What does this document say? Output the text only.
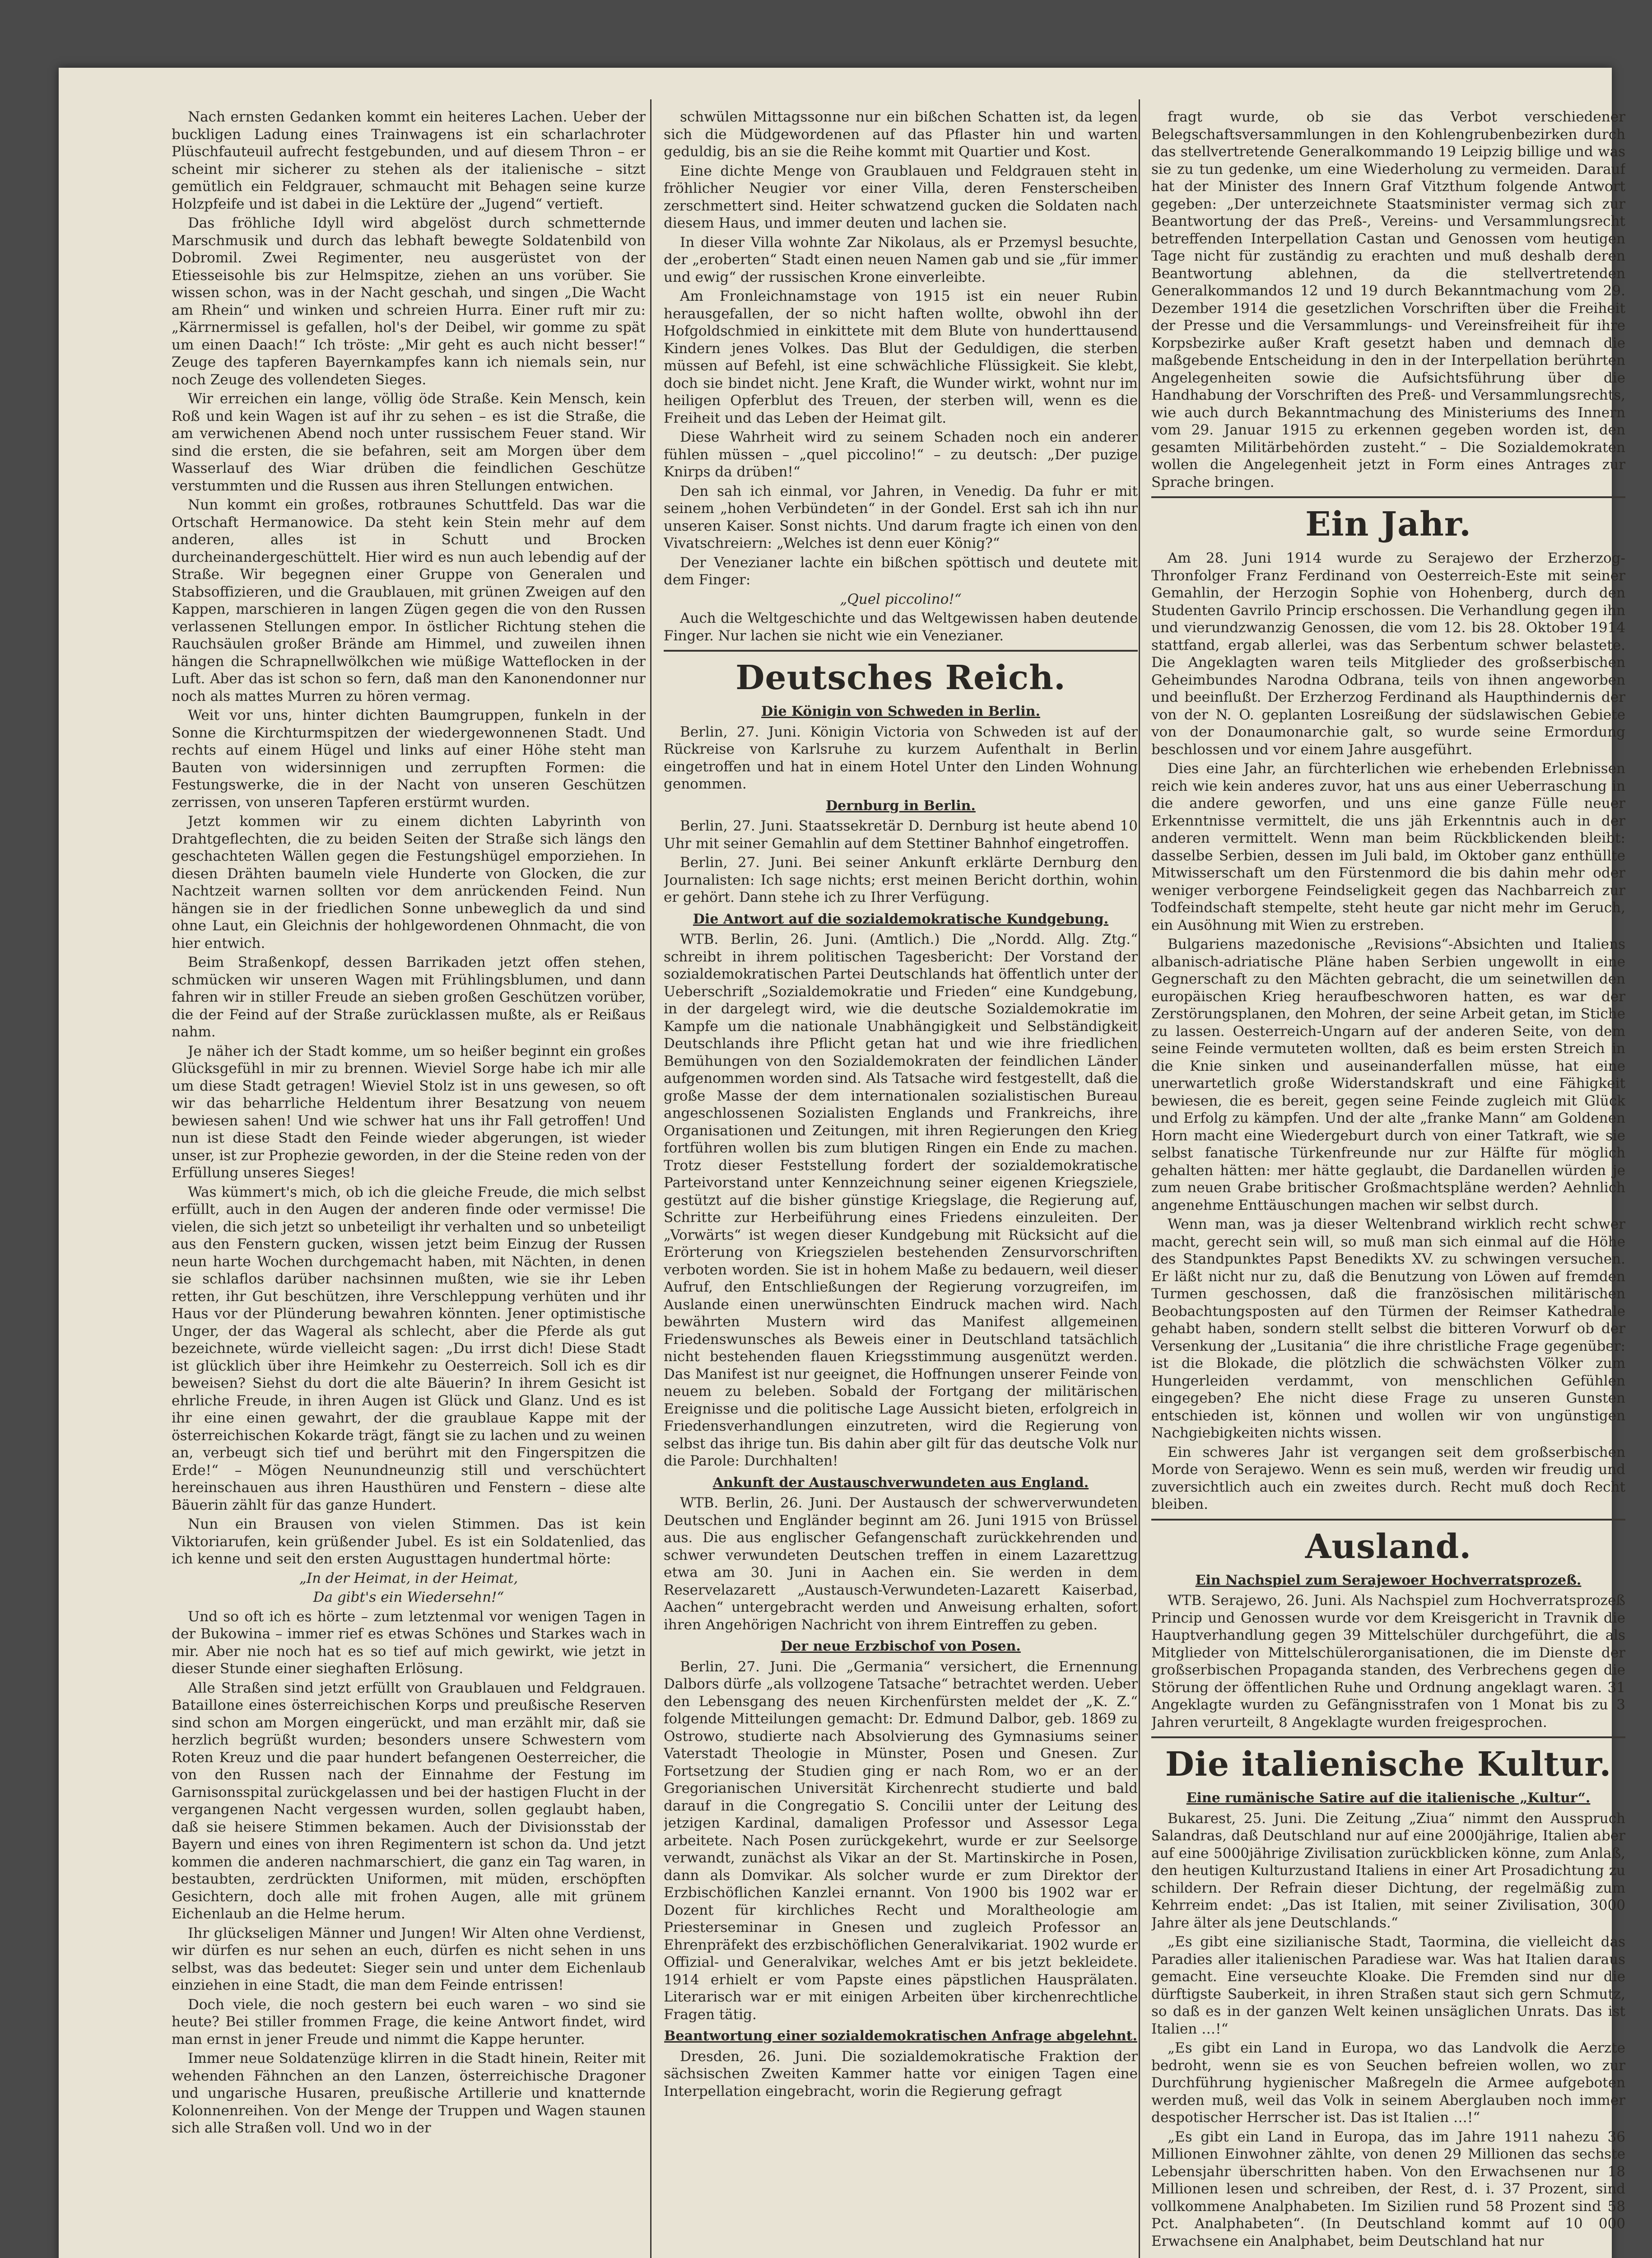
Nach ernsten Gedanken kommt ein heiteres Lachen. Ueber der buckligen Ladung eines Trainwagens ist ein scharlachroter Plüschfauteuil aufrecht festgebunden, und auf diesem Thron – er scheint mir sicherer zu stehen als der italienische – sitzt gemütlich ein Feldgrauer, schmaucht mit Behagen seine kurze Holzpfeife und ist dabei in die Lektüre der „Jugend“ vertieft.

Das fröhliche Idyll wird abgelöst durch schmetternde Marschmusik und durch das lebhaft bewegte Soldatenbild von Dobromil. Zwei Regimenter, neu ausgerüstet von der Etiesseisohle bis zur Helmspitze, ziehen an uns vorüber. Sie wissen schon, was in der Nacht geschah, und singen „Die Wacht am Rhein“ und winken und schreien Hurra. Einer ruft mir zu: „Kärrnermissel is gefallen, hol's der Deibel, wir gomme zu spät um einen Daach!“ Ich tröste: „Mir geht es auch nicht besser!“ Zeuge des tapferen Bayernkampfes kann ich niemals sein, nur noch Zeuge des vollendeten Sieges.

Wir erreichen ein lange, völlig öde Straße. Kein Mensch, kein Roß und kein Wagen ist auf ihr zu sehen – es ist die Straße, die am verwichenen Abend noch unter russischem Feuer stand. Wir sind die ersten, die sie befahren, seit am Morgen über dem Wasserlauf des Wiar drüben die feindlichen Geschütze verstummten und die Russen aus ihren Stellungen entwichen.

Nun kommt ein großes, rotbraunes Schuttfeld. Das war die Ortschaft Hermanowice. Da steht kein Stein mehr auf dem anderen, alles ist in Schutt und Brocken durcheinandergeschüttelt. Hier wird es nun auch lebendig auf der Straße. Wir begegnen einer Gruppe von Generalen und Stabsoffizieren, und die Graublauen, mit grünen Zweigen auf den Kappen, marschieren in langen Zügen gegen die von den Russen verlassenen Stellungen empor. In östlicher Richtung stehen die Rauchsäulen großer Brände am Himmel, und zuweilen ihnen hängen die Schrapnellwölkchen wie müßige Watteflocken in der Luft. Aber das ist schon so fern, daß man den Kanonendonner nur noch als mattes Murren zu hören vermag.

Weit vor uns, hinter dichten Baumgruppen, funkeln in der Sonne die Kirchturmspitzen der wiedergewonnenen Stadt. Und rechts auf einem Hügel und links auf einer Höhe steht man Bauten von widersinnigen und zerrupften Formen: die Festungswerke, die in der Nacht von unseren Geschützen zerrissen, von unseren Tapferen erstürmt wurden.

Jetzt kommen wir zu einem dichten Labyrinth von Drahtgeflechten, die zu beiden Seiten der Straße sich längs den geschachteten Wällen gegen die Festungshügel emporziehen. In diesen Drähten baumeln viele Hunderte von Glocken, die zur Nachtzeit warnen sollten vor dem anrückenden Feind. Nun hängen sie in der friedlichen Sonne unbeweglich da und sind ohne Laut, ein Gleichnis der hohlgewordenen Ohnmacht, die von hier entwich.

Beim Straßenkopf, dessen Barrikaden jetzt offen stehen, schmücken wir unseren Wagen mit Frühlingsblumen, und dann fahren wir in stiller Freude an sieben großen Geschützen vorüber, die der Feind auf der Straße zurücklassen mußte, als er Reißaus nahm.

Je näher ich der Stadt komme, um so heißer beginnt ein großes Glücksgefühl in mir zu brennen. Wieviel Sorge habe ich mir alle um diese Stadt getragen! Wieviel Stolz ist in uns gewesen, so oft wir das beharrliche Heldentum ihrer Besatzung von neuem bewiesen sahen! Und wie schwer hat uns ihr Fall getroffen! Und nun ist diese Stadt den Feinde wieder abgerungen, ist wieder unser, ist zur Prophezie geworden, in der die Steine reden von der Erfüllung unseres Sieges!

Was kümmert's mich, ob ich die gleiche Freude, die mich selbst erfüllt, auch in den Augen der anderen finde oder vermisse! Die vielen, die sich jetzt so unbeteiligt ihr verhalten und so unbeteiligt aus den Fenstern gucken, wissen jetzt beim Einzug der Russen neun harte Wochen durchgemacht haben, mit Nächten, in denen sie schlaflos darüber nachsinnen mußten, wie sie ihr Leben retten, ihr Gut beschützen, ihre Verschleppung verhüten und ihr Haus vor der Plünderung bewahren könnten. Jener optimistische Unger, der das Wageral als schlecht, aber die Pferde als gut bezeichnete, würde vielleicht sagen: „Du irrst dich! Diese Stadt ist glücklich über ihre Heimkehr zu Oesterreich. Soll ich es dir beweisen? Siehst du dort die alte Bäuerin? In ihrem Gesicht ist ehrliche Freude, in ihren Augen ist Glück und Glanz. Und es ist ihr eine einen gewahrt, der die graublaue Kappe mit der österreichischen Kokarde trägt, fängt sie zu lachen und zu weinen an, verbeugt sich tief und berührt mit den Fingerspitzen die Erde!“ – Mögen Neunundneunzig still und verschüchtert hereinschauen aus ihren Hausthüren und Fenstern – diese alte Bäuerin zählt für das ganze Hundert.

Nun ein Brausen von vielen Stimmen. Das ist kein Viktoriarufen, kein grüßender Jubel. Es ist ein Soldatenlied, das ich kenne und seit den ersten Augusttagen hundertmal hörte:

„In der Heimat, in der Heimat,

Da gibt's ein Wiedersehn!“

Und so oft ich es hörte – zum letztenmal vor wenigen Tagen in der Bukowina – immer rief es etwas Schönes und Starkes wach in mir. Aber nie noch hat es so tief auf mich gewirkt, wie jetzt in dieser Stunde einer sieghaften Erlösung.

Alle Straßen sind jetzt erfüllt von Graublauen und Feldgrauen. Bataillone eines österreichischen Korps und preußische Reserven sind schon am Morgen eingerückt, und man erzählt mir, daß sie herzlich begrüßt wurden; besonders unsere Schwestern vom Roten Kreuz und die paar hundert befangenen Oesterreicher, die von den Russen nach der Einnahme der Festung im Garnisonsspital zurückgelassen und bei der hastigen Flucht in der vergangenen Nacht vergessen wurden, sollen geglaubt haben, daß sie heisere Stimmen bekamen. Auch der Divisionsstab der Bayern und eines von ihren Regimentern ist schon da. Und jetzt kommen die anderen nachmarschiert, die ganz ein Tag waren, in bestaubten, zerdrückten Uniformen, mit müden, erschöpften Gesichtern, doch alle mit frohen Augen, alle mit grünem Eichenlaub an die Helme herum.

Ihr glückseligen Männer und Jungen! Wir Alten ohne Verdienst, wir dürfen es nur sehen an euch, dürfen es nicht sehen in uns selbst, was das bedeutet: Sieger sein und unter dem Eichenlaub einziehen in eine Stadt, die man dem Feinde entrissen!

Doch viele, die noch gestern bei euch waren – wo sind sie heute? Bei stiller frommen Frage, die keine Antwort findet, wird man ernst in jener Freude und nimmt die Kappe herunter.

Immer neue Soldatenzüge klirren in die Stadt hinein, Reiter mit wehenden Fähnchen an den Lanzen, österreichische Dragoner und ungarische Husaren, preußische Artillerie und knatternde Kolonnenreihen. Von der Menge der Truppen und Wagen staunen sich alle Straßen voll. Und wo in der

schwülen Mittagssonne nur ein bißchen Schatten ist, da legen sich die Müdgewordenen auf das Pflaster hin und warten geduldig, bis an sie die Reihe kommt mit Quartier und Kost.

Eine dichte Menge von Graublauen und Feldgrauen steht in fröhlicher Neugier vor einer Villa, deren Fensterscheiben zerschmettert sind. Heiter schwatzend gucken die Soldaten nach diesem Haus, und immer deuten und lachen sie.

In dieser Villa wohnte Zar Nikolaus, als er Przemysl besuchte, der „eroberten“ Stadt einen neuen Namen gab und sie „für immer und ewig“ der russischen Krone einverleibte.

Am Fronleichnamstage von 1915 ist ein neuer Rubin herausgefallen, der so nicht haften wollte, obwohl ihn der Hofgoldschmied in einkittete mit dem Blute von hunderttausend Kindern jenes Volkes. Das Blut der Geduldigen, die sterben müssen auf Befehl, ist eine schwächliche Flüssigkeit. Sie klebt, doch sie bindet nicht. Jene Kraft, die Wunder wirkt, wohnt nur im heiligen Opferblut des Treuen, der sterben will, wenn es die Freiheit und das Leben der Heimat gilt.

Diese Wahrheit wird zu seinem Schaden noch ein anderer fühlen müssen – „quel piccolino!“ – zu deutsch: „Der puzige Knirps da drüben!“

Den sah ich einmal, vor Jahren, in Venedig. Da fuhr er mit seinem „hohen Verbündeten“ in der Gondel. Erst sah ich ihn nur unseren Kaiser. Sonst nichts. Und darum fragte ich einen von den Vivatschreiern: „Welches ist denn euer König?“

Der Venezianer lachte ein bißchen spöttisch und deutete mit dem Finger:

„Quel piccolino!“

Auch die Weltgeschichte und das Weltgewissen haben deutende Finger. Nur lachen sie nicht wie ein Venezianer.

Deutsches Reich.
Die Königin von Schweden in Berlin.

Berlin, 27. Juni. Königin Victoria von Schweden ist auf der Rückreise von Karlsruhe zu kurzem Aufenthalt in Berlin eingetroffen und hat in einem Hotel Unter den Linden Wohnung genommen.

Dernburg in Berlin.

Berlin, 27. Juni. Staatssekretär D. Dernburg ist heute abend 10 Uhr mit seiner Gemahlin auf dem Stettiner Bahnhof eingetroffen.

Berlin, 27. Juni. Bei seiner Ankunft erklärte Dernburg den Journalisten: Ich sage nichts; erst meinen Bericht dorthin, wohin er gehört. Dann stehe ich zu Ihrer Verfügung.

Die Antwort auf die sozialdemokratische Kundgebung.

WTB. Berlin, 26. Juni. (Amtlich.) Die „Nordd. Allg. Ztg.“ schreibt in ihrem politischen Tagesbericht: Der Vorstand der sozialdemokratischen Partei Deutschlands hat öffentlich unter der Ueberschrift „Sozialdemokratie und Frieden“ eine Kundgebung, in der dargelegt wird, wie die deutsche Sozialdemokratie im Kampfe um die nationale Unabhängigkeit und Selbständigkeit Deutschlands ihre Pflicht getan hat und wie ihre friedlichen Bemühungen von den Sozialdemokraten der feindlichen Länder aufgenommen worden sind. Als Tatsache wird festgestellt, daß die große Masse der dem internationalen sozialistischen Bureau angeschlossenen Sozialisten Englands und Frankreichs, ihre Organisationen und Zeitungen, mit ihren Regierungen den Krieg fortführen wollen bis zum blutigen Ringen ein Ende zu machen. Trotz dieser Feststellung fordert der sozialdemokratische Parteivorstand unter Kennzeichnung seiner eigenen Kriegsziele, gestützt auf die bisher günstige Kriegslage, die Regierung auf, Schritte zur Herbeiführung eines Friedens einzuleiten. Der „Vorwärts“ ist wegen dieser Kundgebung mit Rücksicht auf die Erörterung von Kriegszielen bestehenden Zensurvorschriften verboten worden. Sie ist in hohem Maße zu bedauern, weil dieser Aufruf, den Entschließungen der Regierung vorzugreifen, im Auslande einen unerwünschten Eindruck machen wird. Nach bewährten Mustern wird das Manifest allgemeinen Friedenswunsches als Beweis einer in Deutschland tatsächlich nicht bestehenden flauen Kriegsstimmung ausgenützt werden. Das Manifest ist nur geeignet, die Hoffnungen unserer Feinde von neuem zu beleben. Sobald der Fortgang der militärischen Ereignisse und die politische Lage Aussicht bieten, erfolgreich in Friedensverhandlungen einzutreten, wird die Regierung von selbst das ihrige tun. Bis dahin aber gilt für das deutsche Volk nur die Parole: Durchhalten!

Ankunft der Austauschverwundeten aus England.

WTB. Berlin, 26. Juni. Der Austausch der schwerverwundeten Deutschen und Engländer beginnt am 26. Juni 1915 von Brüssel aus. Die aus englischer Gefangenschaft zurückkehrenden und schwer verwundeten Deutschen treffen in einem Lazarettzug etwa am 30. Juni in Aachen ein. Sie werden in dem Reservelazarett „Austausch-Verwundeten-Lazarett Kaiserbad, Aachen“ untergebracht werden und Anweisung erhalten, sofort ihren Angehörigen Nachricht von ihrem Eintreffen zu geben.

Der neue Erzbischof von Posen.

Berlin, 27. Juni. Die „Germania“ versichert, die Ernennung Dalbors dürfe „als vollzogene Tatsache“ betrachtet werden. Ueber den Lebensgang des neuen Kirchenfürsten meldet der „K. Z.“ folgende Mitteilungen gemacht: Dr. Edmund Dalbor, geb. 1869 zu Ostrowo, studierte nach Absolvierung des Gymnasiums seiner Vaterstadt Theologie in Münster, Posen und Gnesen. Zur Fortsetzung der Studien ging er nach Rom, wo er an der Gregorianischen Universität Kirchenrecht studierte und bald darauf in die Congregatio S. Concilii unter der Leitung des jetzigen Kardinal, damaligen Professor und Assessor Lega arbeitete. Nach Posen zurückgekehrt, wurde er zur Seelsorge verwandt, zunächst als Vikar an der St. Martinskirche in Posen, dann als Domvikar. Als solcher wurde er zum Direktor der Erzbischöflichen Kanzlei ernannt. Von 1900 bis 1902 war er Dozent für kirchliches Recht und Moraltheologie am Priesterseminar in Gnesen und zugleich Professor an Ehrenpräfekt des erzbischöflichen Generalvikariat. 1902 wurde er Offizial- und Generalvikar, welches Amt er bis jetzt bekleidete. 1914 erhielt er vom Papste eines päpstlichen Hausprälaten. Literarisch war er mit einigen Arbeiten über kirchenrechtliche Fragen tätig.

Beantwortung einer sozialdemokratischen Anfrage abgelehnt.

Dresden, 26. Juni. Die sozialdemokratische Fraktion der sächsischen Zweiten Kammer hatte vor einigen Tagen eine Interpellation eingebracht, worin die Regierung gefragt

fragt wurde, ob sie das Verbot verschiedener Belegschaftsversammlungen in den Kohlengrubenbezirken durch das stellvertretende Generalkommando 19 Leipzig billige und was sie zu tun gedenke, um eine Wiederholung zu vermeiden. Darauf hat der Minister des Innern Graf Vitzthum folgende Antwort gegeben: „Der unterzeichnete Staatsminister vermag sich zur Beantwortung der das Preß-, Vereins- und Versammlungsrecht betreffenden Interpellation Castan und Genossen vom heutigen Tage nicht für zuständig zu erachten und muß deshalb deren Beantwortung ablehnen, da die stellvertretenden Generalkommandos 12 und 19 durch Bekanntmachung vom 29. Dezember 1914 die gesetzlichen Vorschriften über die Freiheit der Presse und die Versammlungs- und Vereinsfreiheit für ihre Korpsbezirke außer Kraft gesetzt haben und demnach die maßgebende Entscheidung in den in der Interpellation berührten Angelegenheiten sowie die Aufsichtsführung über die Handhabung der Vorschriften des Preß- und Versammlungsrechts, wie auch durch Bekanntmachung des Ministeriums des Innern vom 29. Januar 1915 zu erkennen gegeben worden ist, den gesamten Militärbehörden zusteht.“ – Die Sozialdemokraten wollen die Angelegenheit jetzt in Form eines Antrages zur Sprache bringen.

Ein Jahr.

Am 28. Juni 1914 wurde zu Serajewo der Erzherzog-Thronfolger Franz Ferdinand von Oesterreich-Este mit seiner Gemahlin, der Herzogin Sophie von Hohenberg, durch den Studenten Gavrilo Princip erschossen. Die Verhandlung gegen ihn und vierundzwanzig Genossen, die vom 12. bis 28. Oktober 1914 stattfand, ergab allerlei, was das Serbentum schwer belastete. Die Angeklagten waren teils Mitglieder des großserbischen Geheimbundes Narodna Odbrana, teils von ihnen angeworben und beeinflußt. Der Erzherzog Ferdinand als Haupthindernis der von der N. O. geplanten Losreißung der südslawischen Gebiete von der Donaumonarchie galt, so wurde seine Ermordung beschlossen und vor einem Jahre ausgeführt.

Dies eine Jahr, an fürchterlichen wie erhebenden Erlebnissen reich wie kein anderes zuvor, hat uns aus einer Ueberraschung in die andere geworfen, und uns eine ganze Fülle neuer Erkenntnisse vermittelt, die uns jäh Erkenntnis auch in der anderen vermittelt. Wenn man beim Rückblickenden bleibt: dasselbe Serbien, dessen im Juli bald, im Oktober ganz enthüllte Mitwisserschaft um den Fürstenmord die bis dahin mehr oder weniger verborgene Feindseligkeit gegen das Nachbarreich zur Todfeindschaft stempelte, steht heute gar nicht mehr im Geruch, ein Ausöhnung mit Wien zu erstreben.

Bulgariens mazedonische „Revisions“-Absichten und Italiens albanisch-adriatische Pläne haben Serbien ungewollt in eine Gegnerschaft zu den Mächten gebracht, die um seinetwillen den europäischen Krieg heraufbeschworen hatten, es war der Zerstörungsplanen, den Mohren, der seine Arbeit getan, im Stiche zu lassen. Oesterreich-Ungarn auf der anderen Seite, von dem seine Feinde vermuteten wollten, daß es beim ersten Streich in die Knie sinken und auseinanderfallen müsse, hat eine unerwartetlich große Widerstandskraft und eine Fähigkeit bewiesen, die es bereit, gegen seine Feinde zugleich mit Glück und Erfolg zu kämpfen. Und der alte „franke Mann“ am Goldenen Horn macht eine Wiedergeburt durch von einer Tatkraft, wie sie selbst fanatische Türkenfreunde nur zur Hälfte für möglich gehalten hätten: mer hätte geglaubt, die Dardanellen würden je zum neuen Grabe britischer Großmachtspläne werden? Aehnlich angenehme Enttäuschungen machen wir selbst durch.

Wenn man, was ja dieser Weltenbrand wirklich recht schwer macht, gerecht sein will, so muß man sich einmal auf die Höhe des Standpunktes Papst Benedikts XV. zu schwingen versuchen. Er läßt nicht nur zu, daß die Benutzung von Löwen auf fremden Turmen geschossen, daß die französischen militärischen Beobachtungsposten auf den Türmen der Reimser Kathedrale gehabt haben, sondern stellt selbst die bitteren Vorwurf ob der Versenkung der „Lusitania“ die ihre christliche Frage gegenüber: ist die Blokade, die plötzlich die schwächsten Völker zum Hungerleiden verdammt, von menschlichen Gefühlen eingegeben? Ehe nicht diese Frage zu unseren Gunsten entschieden ist, können und wollen wir von ungünstigen Nachgiebigkeiten nichts wissen.

Ein schweres Jahr ist vergangen seit dem großserbischen Morde von Serajewo. Wenn es sein muß, werden wir freudig und zuversichtlich auch ein zweites durch. Recht muß doch Recht bleiben.

Ausland.
Ein Nachspiel zum Serajewoer Hochverratsprozeß.

WTB. Serajewo, 26. Juni. Als Nachspiel zum Hochverratsprozeß Princip und Genossen wurde vor dem Kreisgericht in Travnik die Hauptverhandlung gegen 39 Mittelschüler durchgeführt, die als Mitglieder von Mittelschülerorganisationen, die im Dienste der großserbischen Propaganda standen, des Verbrechens gegen die Störung der öffentlichen Ruhe und Ordnung angeklagt waren. 31 Angeklagte wurden zu Gefängnisstrafen von 1 Monat bis zu 3 Jahren verurteilt, 8 Angeklagte wurden freigesprochen.

Die italienische Kultur.
Eine rumänische Satire auf die italienische „Kultur“.

Bukarest, 25. Juni. Die Zeitung „Ziua“ nimmt den Ausspruch Salandras, daß Deutschland nur auf eine 2000jährige, Italien aber auf eine 5000jährige Zivilisation zurückblicken könne, zum Anlaß, den heutigen Kulturzustand Italiens in einer Art Prosadichtung zu schildern. Der Refrain dieser Dichtung, der regelmäßig zum Kehrreim endet: „Das ist Italien, mit seiner Zivilisation, 3000 Jahre älter als jene Deutschlands.“

„Es gibt eine sizilianische Stadt, Taormina, die vielleicht das Paradies aller italienischen Paradiese war. Was hat Italien daraus gemacht. Eine verseuchte Kloake. Die Fremden sind nur die dürftigste Sauberkeit, in ihren Straßen staut sich gern Schmutz, so daß es in der ganzen Welt keinen unsäglichen Unrats. Das ist Italien …!“

„Es gibt ein Land in Europa, wo das Landvolk die Aerzte bedroht, wenn sie es von Seuchen befreien wollen, wo zur Durchführung hygienischer Maßregeln die Armee aufgeboten werden muß, weil das Volk in seinem Aberglauben noch immer despotischer Herrscher ist. Das ist Italien …!“

„Es gibt ein Land in Europa, das im Jahre 1911 nahezu 36 Millionen Einwohner zählte, von denen 29 Millionen das sechste Lebensjahr überschritten haben. Von den Erwachsenen nur 18 Millionen lesen und schreiben, der Rest, d. i. 37 Prozent, sind vollkommene Analphabeten. Im Sizilien rund 58 Prozent sind 58 Pct. Analphabeten“. (In Deutschland kommt auf 10 000 Erwachsene ein Analphabet, beim Deutschland hat nur
